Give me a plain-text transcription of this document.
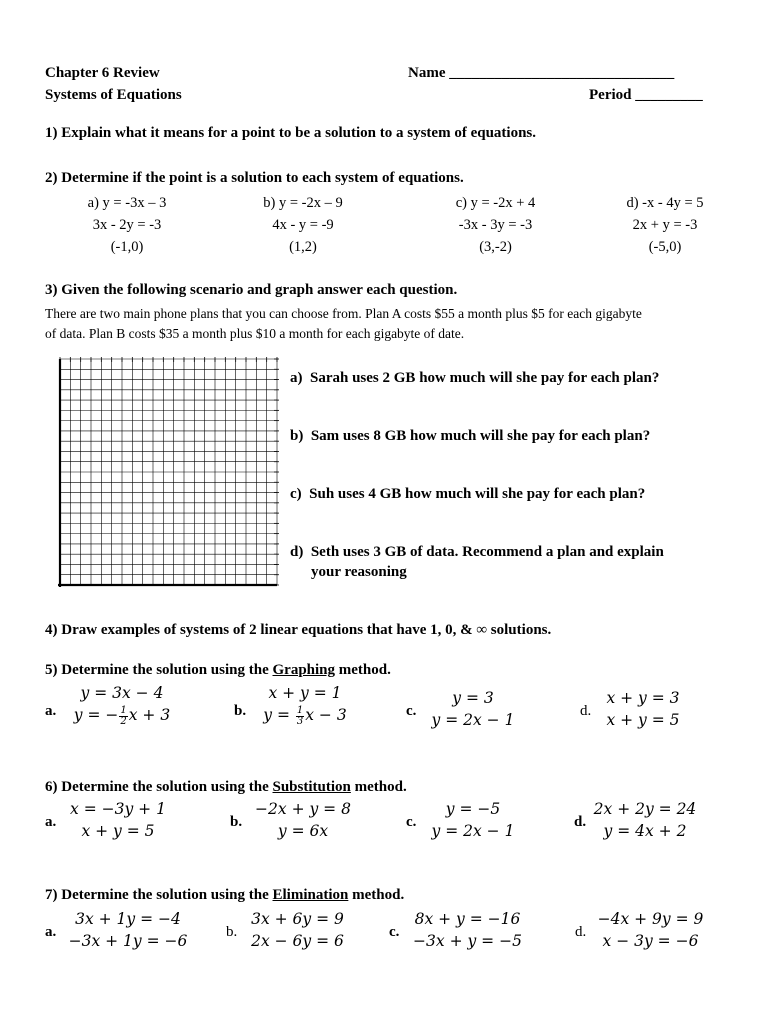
Chapter 6 Review
Systems of Equations
Name ______________________________
Period _________
1) Explain what it means for a point to be a solution to a system of equations.
2) Determine if the point is a solution to each system of equations.
a) y = -3x – 3
3x - 2y = -3
(-1,0)
b) y = -2x – 9
4x - y = -9
(1,2)
c) y = -2x + 4
-3x - 3y = -3
(3,-2)
d) -x - 4y = 5
2x + y = -3
(-5,0)
3) Given the following scenario and graph answer each question.
There are two main phone plans that you can choose from. Plan A costs $55 a month plus $5 for each gigabyte
of data. Plan B costs $35 a month plus $10 a month for each gigabyte of date.
a) Sarah uses 2 GB how much will she pay for each plan?
b) Sam uses 8 GB how much will she pay for each plan?
c) Suh uses 4 GB how much will she pay for each plan?
d) Seth uses 3 GB of data. Recommend a plan and explain
your reasoning
4) Draw examples of systems of 2 linear equations that have 1, 0, & ∞ solutions.
5) Determine the solution using the Graphing method.
a.
y = 3x − 4
y = − $\frac{1}{2}$ x + 3	b.
x + y = 1
$y = \frac{1}{3}$ x − 3	c.
y = 3
y = 2x − 1	d.
x + y = 3
x + y = 5
6) Determine the solution using the Substitution method.
a.
x = −3y + 1
x + y = 5	b.
−2x + y = 8
y = 6x	c.
y = −5
y = 2x − 1	d.
2x + 2y = 24
y = 4x + 2
7) Determine the solution using the Elimination method.
a.
3x + 1y = −4
−3x + 1y = −6	b.
3x + 6y = 9
2x − 6y = 6	c.
8x + y = −16
−3x + y = −5	d.
−4x + 9y = 9
x − 3y = −6
